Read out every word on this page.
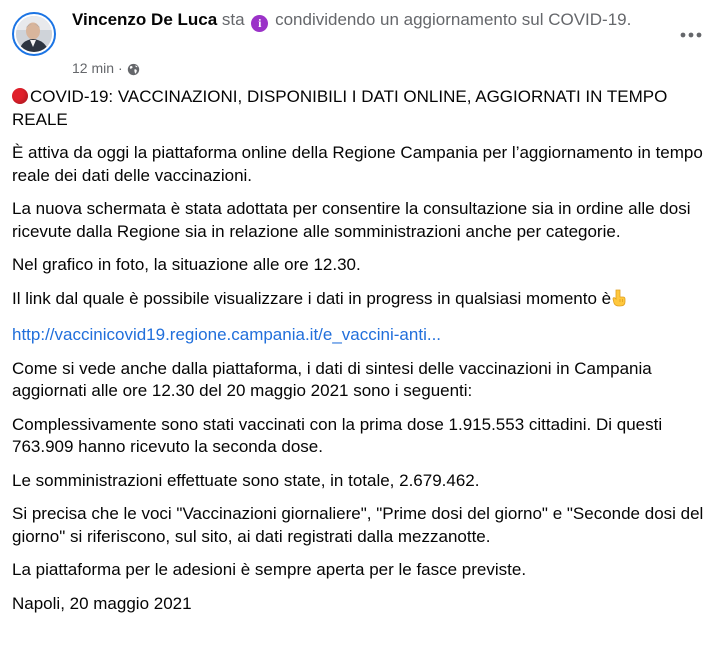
Vincenzo De Luca sta i condividendo un aggiornamento sul COVID-19.
12 min ·

COVID-19: VACCINAZIONI, DISPONIBILI I DATI ONLINE, AGGIORNATI IN TEMPO REALE

È attiva da oggi la piattaforma online della Regione Campania per l’aggiornamento in tempo reale dei dati delle vaccinazioni.

La nuova schermata è stata adottata per consentire la consultazione sia in ordine alle dosi ricevute dalla Regione sia in relazione alle somministrazioni anche per categorie.

Nel grafico in foto, la situazione alle ore 12.30.

Il link dal quale è possibile visualizzare i dati in progress in qualsiasi momento è

http://vaccinicovid19.regione.campania.it/e_vaccini-anti...

Come si vede anche dalla piattaforma, i dati di sintesi delle vaccinazioni in Campania aggiornati alle ore 12.30 del 20 maggio 2021 sono i seguenti:

Complessivamente sono stati vaccinati con la prima dose 1.915.553 cittadini. Di questi 763.909 hanno ricevuto la seconda dose.

Le somministrazioni effettuate sono state, in totale, 2.679.462.

Si precisa che le voci "Vaccinazioni giornaliere", "Prime dosi del giorno" e "Seconde dosi del giorno" si riferiscono, sul sito, ai dati registrati dalla mezzanotte.

La piattaforma per le adesioni è sempre aperta per le fasce previste.

Napoli, 20 maggio 2021
